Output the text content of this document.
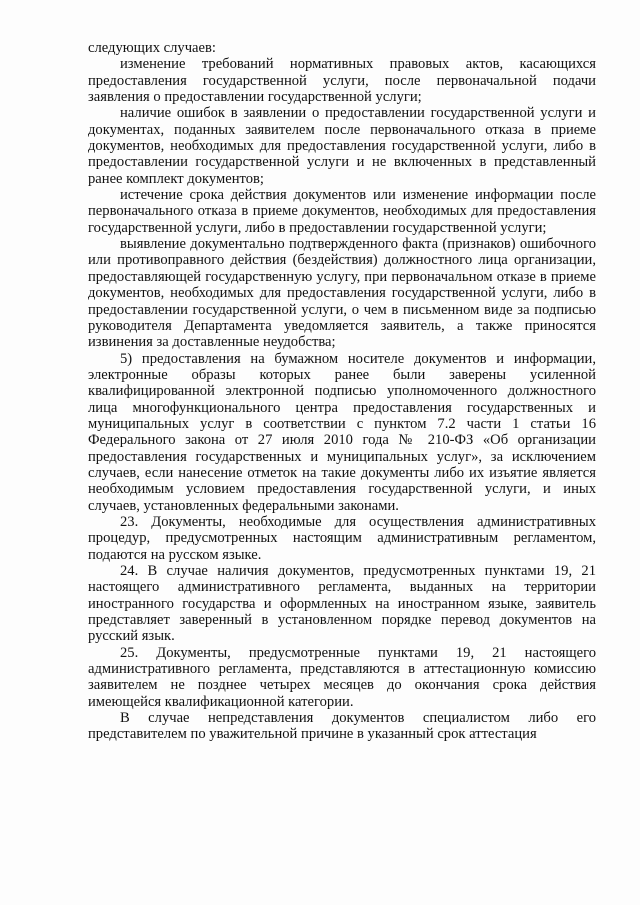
следующих случаев:

изменение требований нормативных правовых актов, касающихся предоставления государственной услуги, после первоначальной подачи заявления о предоставлении государственной услуги;

наличие ошибок в заявлении о предоставлении государственной услуги и документах, поданных заявителем после первоначального отказа в приеме документов, необходимых для предоставления государственной услуги, либо в предоставлении государственной услуги и не включенных в представленный ранее комплект документов;

истечение срока действия документов или изменение информации после первоначального отказа в приеме документов, необходимых для предоставления государственной услуги, либо в предоставлении государственной услуги;

выявление документально подтвержденного факта (признаков) ошибочного или противоправного действия (бездействия) должностного лица организации, предоставляющей государственную услугу, при первоначальном отказе в приеме документов, необходимых для предоставления государственной услуги, либо в предоставлении государственной услуги, о чем в письменном виде за подписью руководителя Департамента уведомляется заявитель, а также приносятся извинения за доставленные неудобства;

5) предоставления на бумажном носителе документов и информации, электронные образы которых ранее были заверены усиленной квалифицированной электронной подписью уполномоченного должностного лица многофункционального центра предоставления государственных и муниципальных услуг в соответствии с пунктом 7.2 части 1 статьи 16 Федерального закона от 27 июля 2010 года № 210-ФЗ «Об организации предоставления государственных и муниципальных услуг», за исключением случаев, если нанесение отметок на такие документы либо их изъятие является необходимым условием предоставления государственной услуги, и иных случаев, установленных федеральными законами.

23. Документы, необходимые для осуществления административных процедур, предусмотренных настоящим административным регламентом, подаются на русском языке.

24. В случае наличия документов, предусмотренных пунктами 19, 21 настоящего административного регламента, выданных на территории иностранного государства и оформленных на иностранном языке, заявитель представляет заверенный в установленном порядке перевод документов на русский язык.

25. Документы, предусмотренные пунктами 19, 21 настоящего административного регламента, представляются в аттестационную комиссию заявителем не позднее четырех месяцев до окончания срока действия имеющейся квалификационной категории.

В случае непредставления документов специалистом либо его представителем по уважительной причине в указанный срок аттестация
